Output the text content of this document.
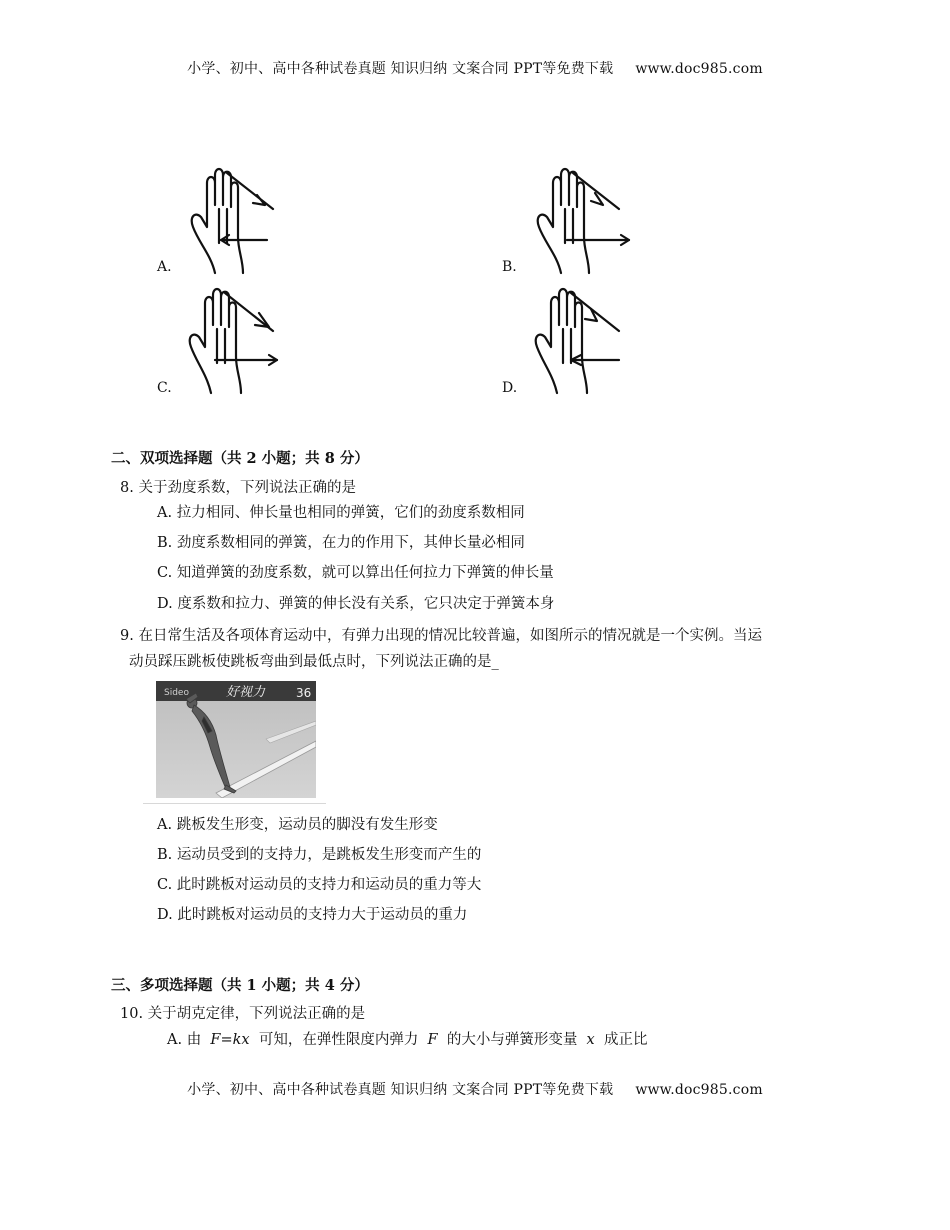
小学、初中、高中各种试卷真题 知识归纳 文案合同 PPT等免费下载 www.doc985.com
A.	B.
C.	D.
二、双项选择题（共 2 小题；共 8 分）
8. 关于劲度系数，下列说法正确的是
A. 拉力相同、伸长量也相同的弹簧，它们的劲度系数相同
B. 劲度系数相同的弹簧，在力的作用下，其伸长量必相同
C. 知道弹簧的劲度系数，就可以算出任何拉力下弹簧的伸长量
D. 度系数和拉力、弹簧的伸长没有关系，它只决定于弹簧本身
9. 在日常生活及各项体育运动中，有弹力出现的情况比较普遍，如图所示的情况就是一个实例。当运
动员踩压跳板使跳板弯曲到最低点时，下列说法正确的是_
Sideo	好视力	36
A. 跳板发生形变，运动员的脚没有发生形变
B. 运动员受到的支持力，是跳板发生形变而产生的
C. 此时跳板对运动员的支持力和运动员的重力等大
D. 此时跳板对运动员的支持力大于运动员的重力
三、多项选择题（共 1 小题；共 4 分）
10. 关于胡克定律，下列说法正确的是
A. 由 F=kx 可知，在弹性限度内弹力 F 的大小与弹簧形变量 x 成正比
小学、初中、高中各种试卷真题 知识归纳 文案合同 PPT等免费下载 www.doc985.com
